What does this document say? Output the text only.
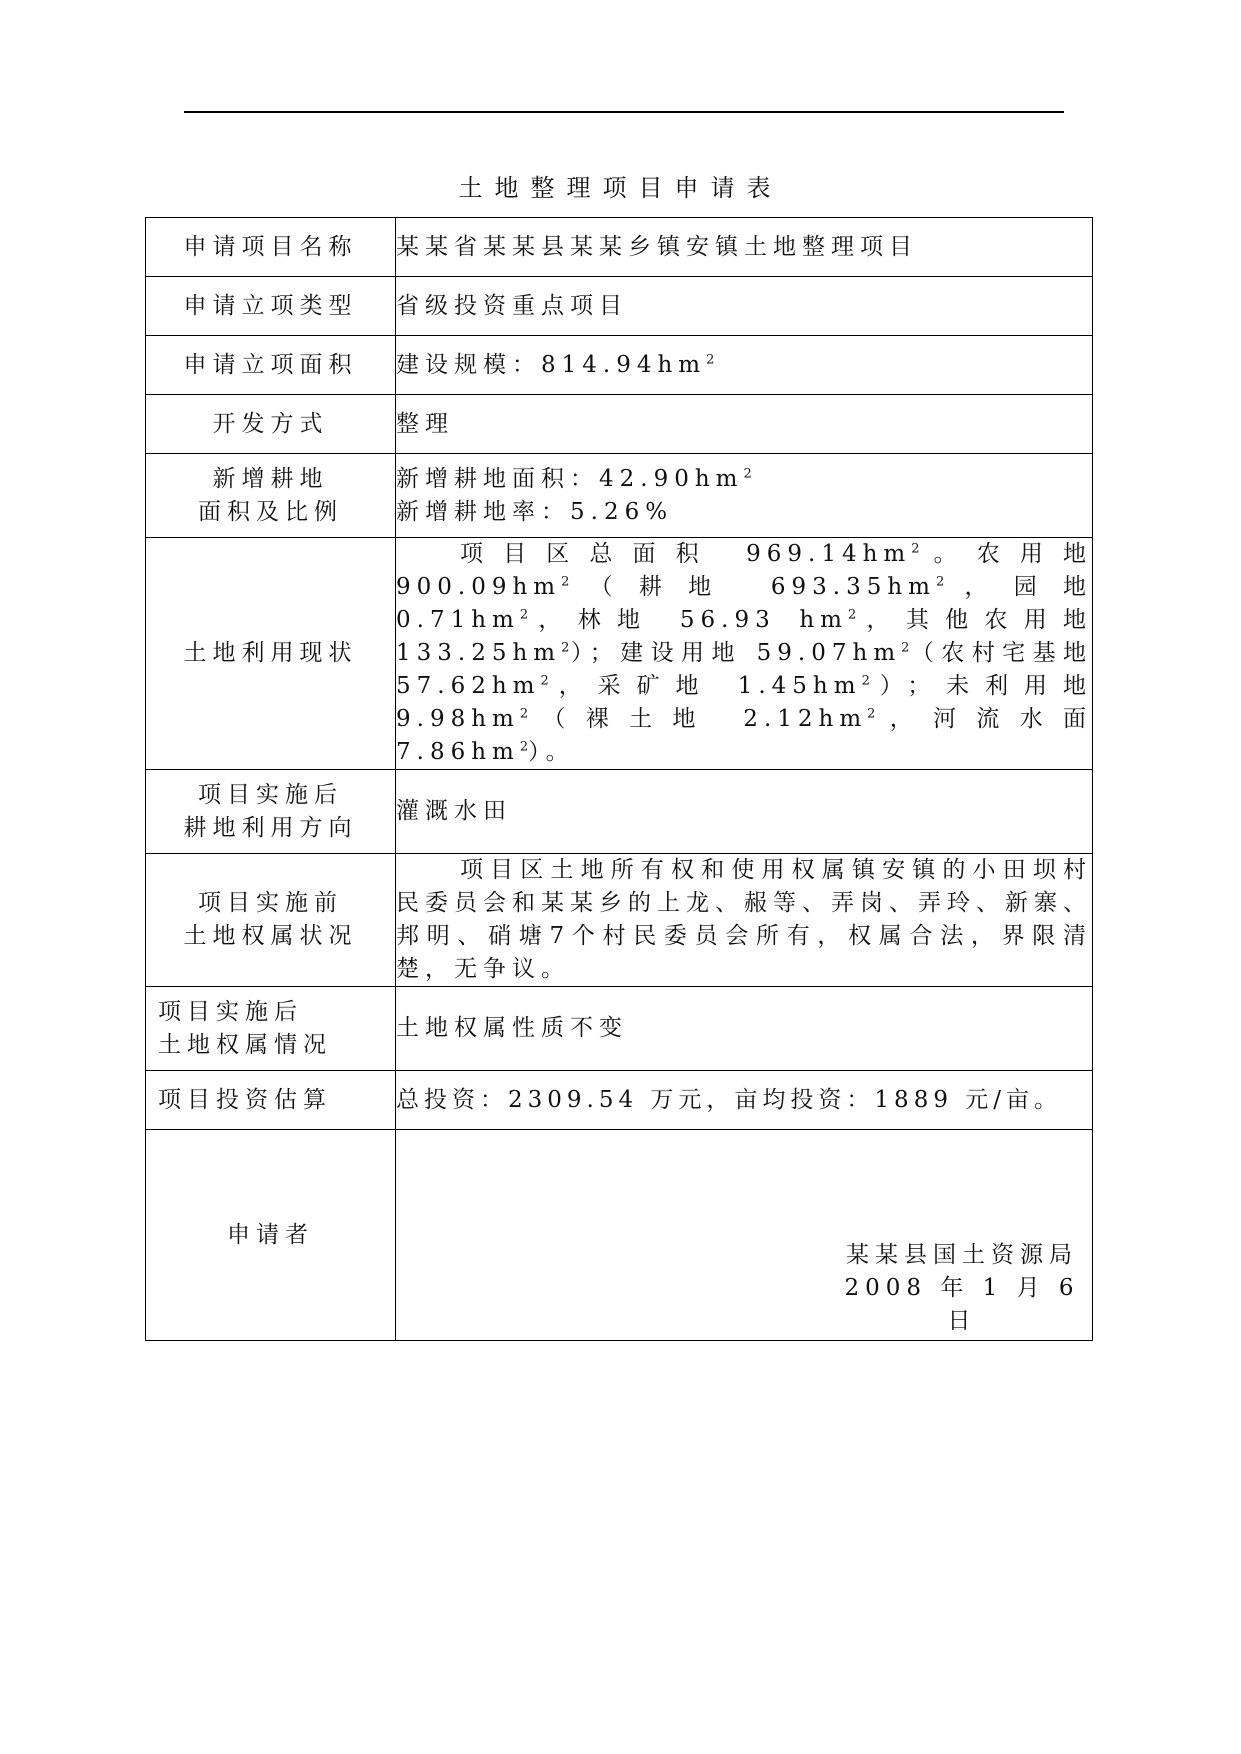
土地整理项目申请表
申请项目名称	某某省某某县某某乡镇安镇土地整理项目
申请立项类型	省级投资重点项目
申请立项面积	建设规模：$814.94hm^2$
开发方式	整理

新增耕地
面积及比例	新增耕地面积：$42.90hm^2$
新增耕地率：5.26%

土地利用现状	项目区总面积 $969.14hm^2$。农用地 $900.09hm^2$（耕地 $693.35hm^2$，园地 $0.71hm^2$，林地 56.93 $hm^2$，其他农用地 $133.25hm^2$）；建设用地 $59.07hm^2$（农村宅基地 $57.62hm^2$，采矿地 $1.45hm^2$）；未利用地 $9.98hm^2$（裸土地 $2.12hm^2$，河流水面 $7.86hm^2$）。

项目实施后
耕地利用方向	灌溉水田

项目实施前
土地权属状况	项目区土地所有权和使用权属镇安镇的小田坝村民委员会和某某乡的上龙、赧等、弄岗、弄玲、新寨、邦明、硝塘7个村民委员会所有，权属合法，界限清楚，无争议。

项目实施后
土地权属情况	土地权属性质不变
项目投资估算	总投资：2309.54 万元，亩均投资：1889 元/亩。
申请者	某某县国土资源局
2008 年 1 月 6 日
